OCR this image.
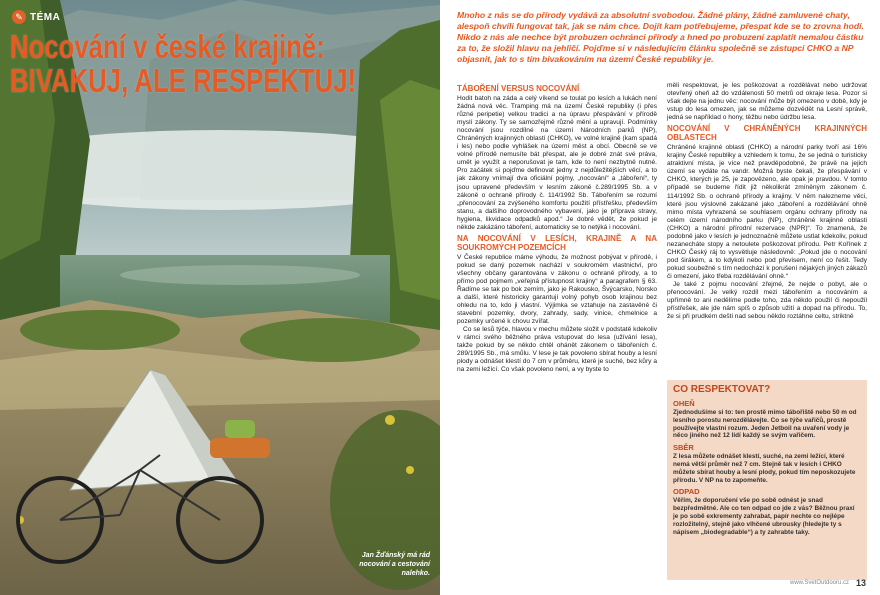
✎ TÉMA
Nocování v české krajině:
BIVAKUJ, ALE RESPEKTUJ!
Jan Žďánský má rád nocování a cestování nalehko.
Mnoho z nás se do přírody vydává za absolutní svobodou. Žádné plány, žádné zamluvené chaty, alespoň chvíli fungovat tak, jak se nám chce. Dojít kam potřebujeme, přespat kde se to zrovna hodí. Nikdo z nás ale nechce být probuzen ochránci přírody a hned po probuzení zaplatit nemalou částku za to, že složil hlavu na jehličí. Pojďme si v následujícím článku společně se zástupci CHKO a NP objasnit, jak to s tím bivakováním na území České republiky je.
TÁBOŘENÍ VERSUS NOCOVÁNÍ

Hodit batoh na záda a celý víkend se toulat po lesích a lukách není žádná nová věc. Tramping má na území České republiky (i přes různé peripetie) velkou tradici a na úpravu přespávání v přírodě myslí zákony. Ty se samozřejmě různě mění a upravují. Podmínky nocování jsou rozdílné na území Národních parků (NP), Chráněných krajinných oblastí (CHKO), ve volné krajině (kam spadá i les) nebo podle vyhlášek na území měst a obcí. Obecně se ve volné přírodě nemusíte bát přespat, ale je dobré znát své práva, umět je využít a neporušovat je tam, kde to není nezbytně nutné. Pro začátek si pojďme definovat jedny z nejdůležitějších věcí, a to jak zákony vnímají dva oficiální pojmy, „nocování“ a „táboření“, ty jsou upravené především v lesním zákoně č.289/1995 Sb. a v zákoně o ochraně přírody č. 114/1992 Sb. Tábořením se rozumí „přenocování za zvýšeného komfortu použití přístřešku, především stanu, a dalšího doprovodného vybavení, jako je příprava stravy, hygiena, likvidace odpadků apod.“ Je dobré vědět, že pokud je někde zakázáno táboření, automaticky se to netýká i nocování.

NA NOCOVÁNÍ V LESÍCH, KRAJINĚ A NA SOUKROMÝCH POZEMCÍCH

V České republice máme výhodu, že možnost pobývat v přírodě, i pokud se daný pozemek nachází v soukromém vlastnictví, pro všechny občany garantována v zákonu o ochraně přírody, a to přímo pod pojmem „veřejná přístupnost krajiny“ a paragrafem § 63. Řadíme se tak po bok zemím, jako je Rakousko, Švýcarsko, Norsko a další, které historicky garantují volný pohyb osob krajinou bez ohledu na to, kdo ji vlastní. Výjimka se vztahuje na zastavěné či stavební pozemky, dvory, zahrady, sady, vinice, chmelnice a pozemky určené k chovu zvířat.

Co se lesů týče, hlavou v mechu můžete složit v podstatě kdekoliv v rámci svého běžného práva vstupovat do lesa (užívání lesa), takže pokud by se někdo chtěl ohánět zákonem o tábořeních č. 289/1995 Sb., má smůlu. V lese je tak povoleno sbírat houby a lesní plody a odnášet klestí do 7 cm v průměru, které je suché, bez kůry a na zemi ležící. Co však povoleno není, a vy byste to

měli respektovat, je les poškozovat a rozdělávat nebo udržovat otevřený oheň až do vzdálenosti 50 metrů od okraje lesa. Pozor si však dejte na jednu věc: nocování může být omezeno v době, kdy je vstup do lesa omezen, jak se můžeme dozvědět na Lesní správě, jedná se například o hony, těžbu nebo údržbu lesa.

NOCOVÁNÍ V CHRÁNĚNÝCH KRAJINNÝCH OBLASTECH

Chráněné krajinné oblasti (CHKO) a národní parky tvoří asi 16% krajiny České republiky a vzhledem k tomu, že se jedná o turisticky atraktivní místa, je více než pravděpodobné, že právě na jejich území se vydáte na vandr. Možná byste čekali, že přespávání v CHKO, kterých je 25, je zapovězeno, ale opak je pravdou. V tomto případě se budeme řídit již několikrát zmíněným zákonem č. 114/1992 Sb. o ochraně přírody a krajiny. V něm nalezneme věci, které jsou výslovně zakázané jako „táboření a rozdělávání ohně mimo místa vyhrazená se souhlasem orgánu ochrany přírody na celém území národního parku (NP), chráněné krajinné oblasti (CHKO) a národní přírodní rezervace (NPR)“. To znamená, že podobně jako v lesích je jednoznačně můžete ustlat kdekoliv, pokud nezanecháte stopy a netoulete poškozovat přírodu. Petr Kořínek z CHKO Český ráj to vysvětluje následovně: „Pokud jde o nocování pod širákem, a to kdykoli nebo pod převisem, není co řešit. Tedy pokud soubežně s tím nedochází k porušení nějakých jiných zákazů či omezení, jako třeba rozdělávání ohně.“

Je také z pojmu nocování zřejmé, že nejde o pobyt, ale o přenocování. Je velký rozdíl mezi tábořením a nocováním a upřímně to ani nedělíme podle toho, zda někdo použil či nepoužil přístřešek, ale jde nám spíš o způsob užití a dopad na přírodu. To, že si při prudkém dešti nad sebou někdo roztáhne celtu, striktně

CO RESPEKTOVAT?
OHEŇ
Zjednodušíme si to: ten prostě mimo tábořiště nebo 50 m od lesního porostu nerozdělávejte. Co se týče vařičů, prostě používejte vlastní rozum. Jeden Jetboil na uvaření vody je něco jiného než 12 lidí každý se svým vařičem.
SBĚR
Z lesa můžete odnášet klestí, suché, na zemi ležící, které nemá větší průměr než 7 cm. Stejně tak v lesích i CHKO můžete sbírat houby a lesní plody, pokud tím neposkozujete přírodu. V NP na to zapomeňte.
ODPAD
Věřím, že doporučení vše po sobě odnést je snad bezpředmětné. Ale co ten odpad co jde z vás? Běžnou praxí je po sobě exkrementy zahrabat, papír nechte co nejlépe rozložitelný, stejně jako vlhčené ubrousky (hledejte ty s nápisem „biodegradable“) a ty zahrabte taky.
www.SvetOutdooru.cz 13
